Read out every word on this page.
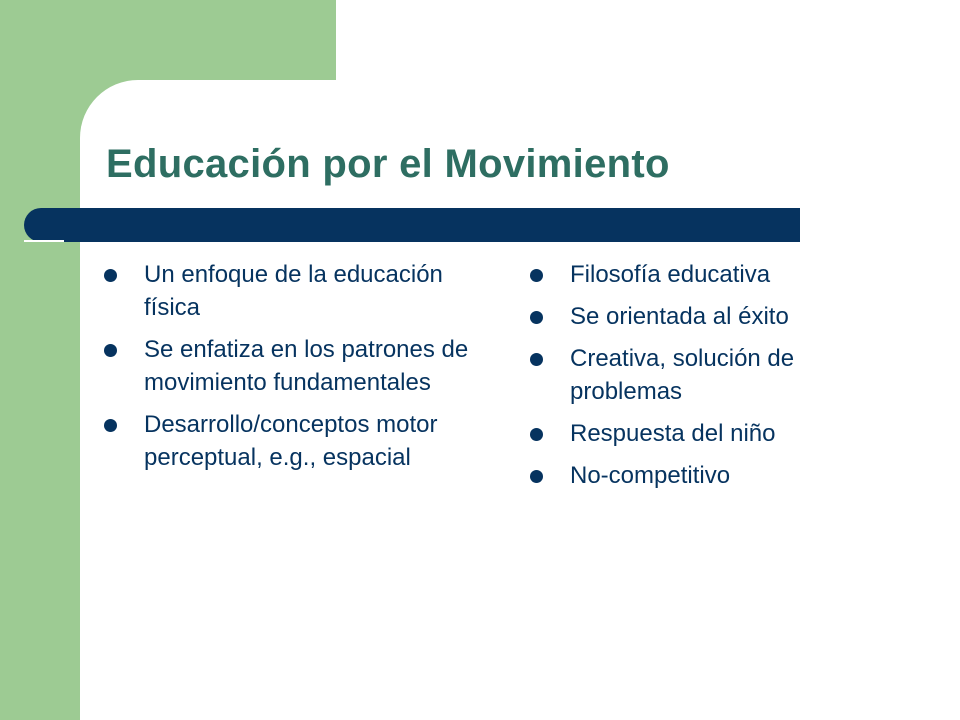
Educación por el Movimiento
Un enfoque de la educación física
Se enfatiza en los patrones de movimiento fundamentales
Desarrollo/conceptos motor perceptual, e.g., espacial
Filosofía educativa
Se orientada al éxito
Creativa, solución de problemas
Respuesta del niño
No-competitivo
